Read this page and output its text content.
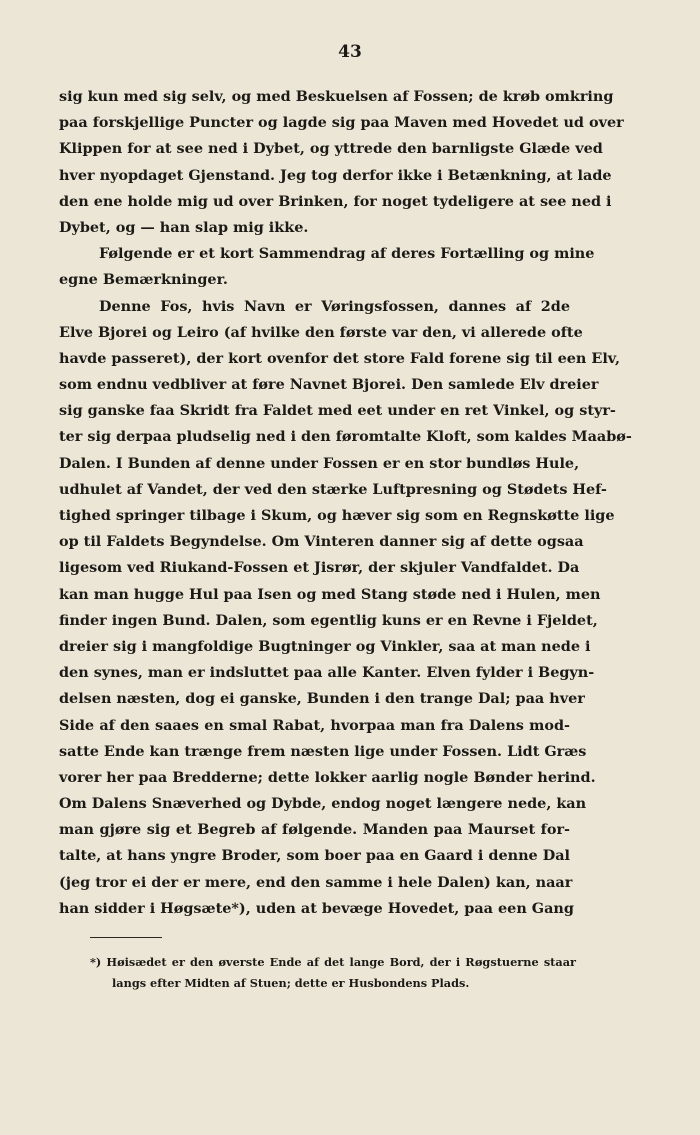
43
sig kun med sig selv, og med Beskuelsen af Fossen; de krøb omkring
paa forskjellige Puncter og lagde sig paa Maven med Hovedet ud over
Klippen for at see ned i Dybet, og yttrede den barnligste Glæde ved
hver nyopdaget Gjenstand. Jeg tog derfor ikke i Betænkning, at lade
den ene holde mig ud over Brinken, for noget tydeligere at see ned i
Dybet, og — han slap mig ikke.
Følgende er et kort Sammendrag af deres Fortælling og mine
egne Bemærkninger.
Denne Fos, hvis Navn er Vøringsfossen, dannes af 2de
Elve Bjorei og Leiro (af hvilke den første var den, vi allerede ofte
havde passeret), der kort ovenfor det store Fald forene sig til een Elv,
som endnu vedbliver at føre Navnet Bjorei. Den samlede Elv dreier
sig ganske faa Skridt fra Faldet med eet under en ret Vinkel, og styr-
ter sig derpaa pludselig ned i den føromtalte Kloft, som kaldes Maabø-
Dalen. I Bunden af denne under Fossen er en stor bundløs Hule,
udhulet af Vandet, der ved den stærke Luftpresning og Stødets Hef-
tighed springer tilbage i Skum, og hæver sig som en Regnskøtte lige
op til Faldets Begyndelse. Om Vinteren danner sig af dette ogsaa
ligesom ved Riukand-Fossen et Jisrør, der skjuler Vandfaldet. Da
kan man hugge Hul paa Isen og med Stang støde ned i Hulen, men
finder ingen Bund. Dalen, som egentlig kuns er en Revne i Fjeldet,
dreier sig i mangfoldige Bugtninger og Vinkler, saa at man nede i
den synes, man er indsluttet paa alle Kanter. Elven fylder i Begyn-
delsen næsten, dog ei ganske, Bunden i den trange Dal; paa hver
Side af den saaes en smal Rabat, hvorpaa man fra Dalens mod-
satte Ende kan trænge frem næsten lige under Fossen. Lidt Græs
vorer her paa Bredderne; dette lokker aarlig nogle Bønder herind.
Om Dalens Snæverhed og Dybde, endog noget længere nede, kan
man gjøre sig et Begreb af følgende. Manden paa Maurset for-
talte, at hans yngre Broder, som boer paa en Gaard i denne Dal
(jeg tror ei der er mere, end den samme i hele Dalen) kan, naar
han sidder i Høgsæte*), uden at bevæge Hovedet, paa een Gang
*) Høisædet er den øverste Ende af det lange Bord, der i Røgstuerne staar
langs efter Midten af Stuen; dette er Husbondens Plads.
